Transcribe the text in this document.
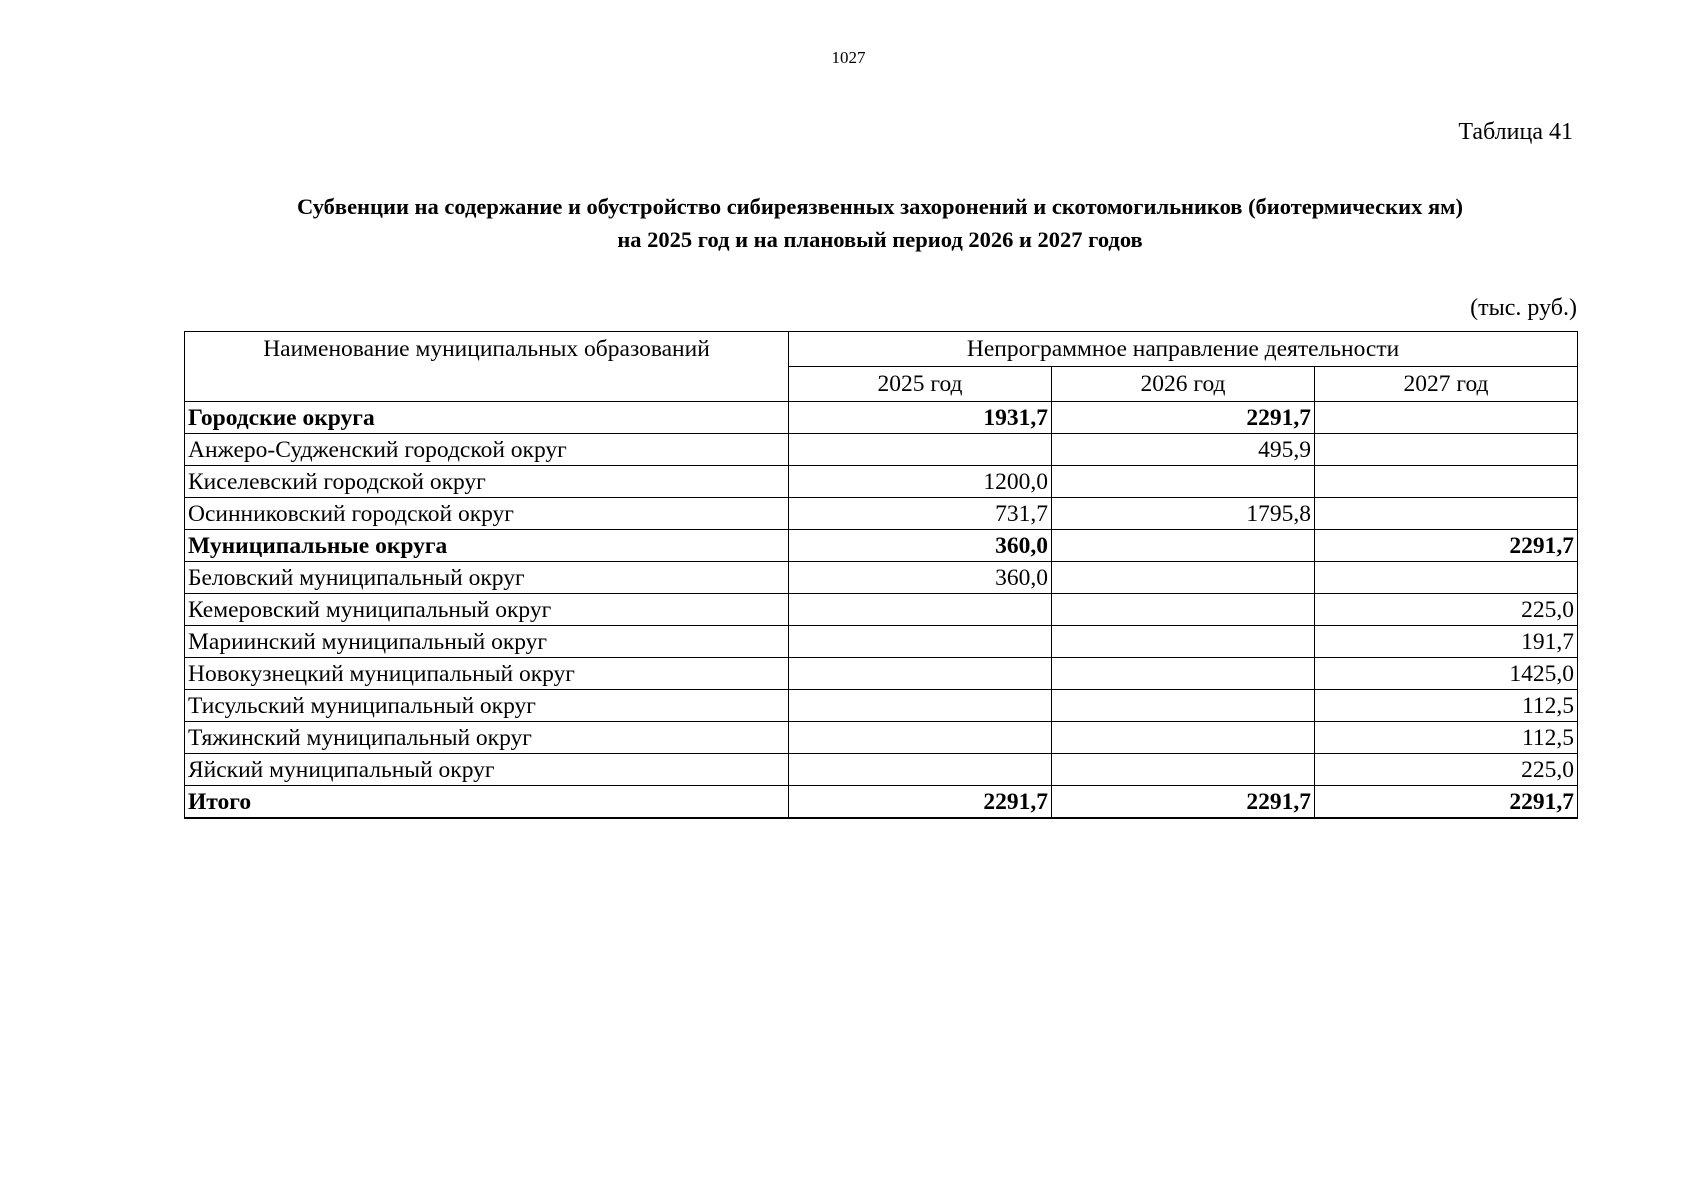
1027
Таблица 41
Субвенции на содержание и обустройство сибиреязвенных захоронений и скотомогильников (биотермических ям)
на 2025 год и на плановый период 2026 и 2027 годов
(тыс. руб.)
Наименование муниципальных образований	Непрограммное направление деятельности		
	2025 год	2026 год	2027 год
Городские округа	1931,7	2291,7	
Анжеро-Судженский городской округ		495,9	
Киселевский городской округ	1200,0		
Осинниковский городской округ	731,7	1795,8	
Муниципальные округа	360,0		2291,7
Беловский муниципальный округ	360,0		
Кемеровский муниципальный округ			225,0
Мариинский муниципальный округ			191,7
Новокузнецкий муниципальный округ			1425,0
Тисульский муниципальный округ			112,5
Тяжинский муниципальный округ			112,5
Яйский муниципальный округ			225,0
Итого	2291,7	2291,7	2291,7
